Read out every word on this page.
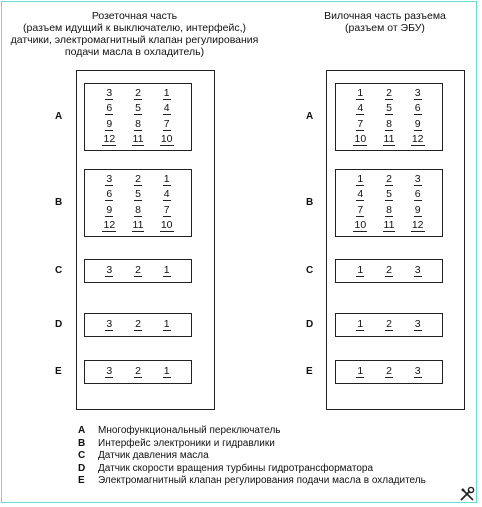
Розеточная часть
(разъем идущий к выключателю, интерфейс,)
датчики, электромагнитный клапан регулирования
подачи масла в охладитель)
Вилочная часть разъема
(разъем от ЭБУ)
A	A
B	B
C	C
D	D
E	E
3 2 1
6 5 4
9 8 7
12 11 10
1 2 3
4 5 6
7 8 9
10 11 12
3 2 1
6 5 4
9 8 7
12 11 10
1 2 3
4 5 6
7 8 9
10 11 12
3 2 1	1 2 3
3 2 1	1 2 3
3 2 1	1 2 3
A	Многофункциональный переключатель
B	Интерфейс электроники и гидравлики
C	Датчик давления масла
D	Датчик скорости вращения турбины гидротрансформатора
E	Электромагнитный клапан регулирования подачи масла в охладитель
